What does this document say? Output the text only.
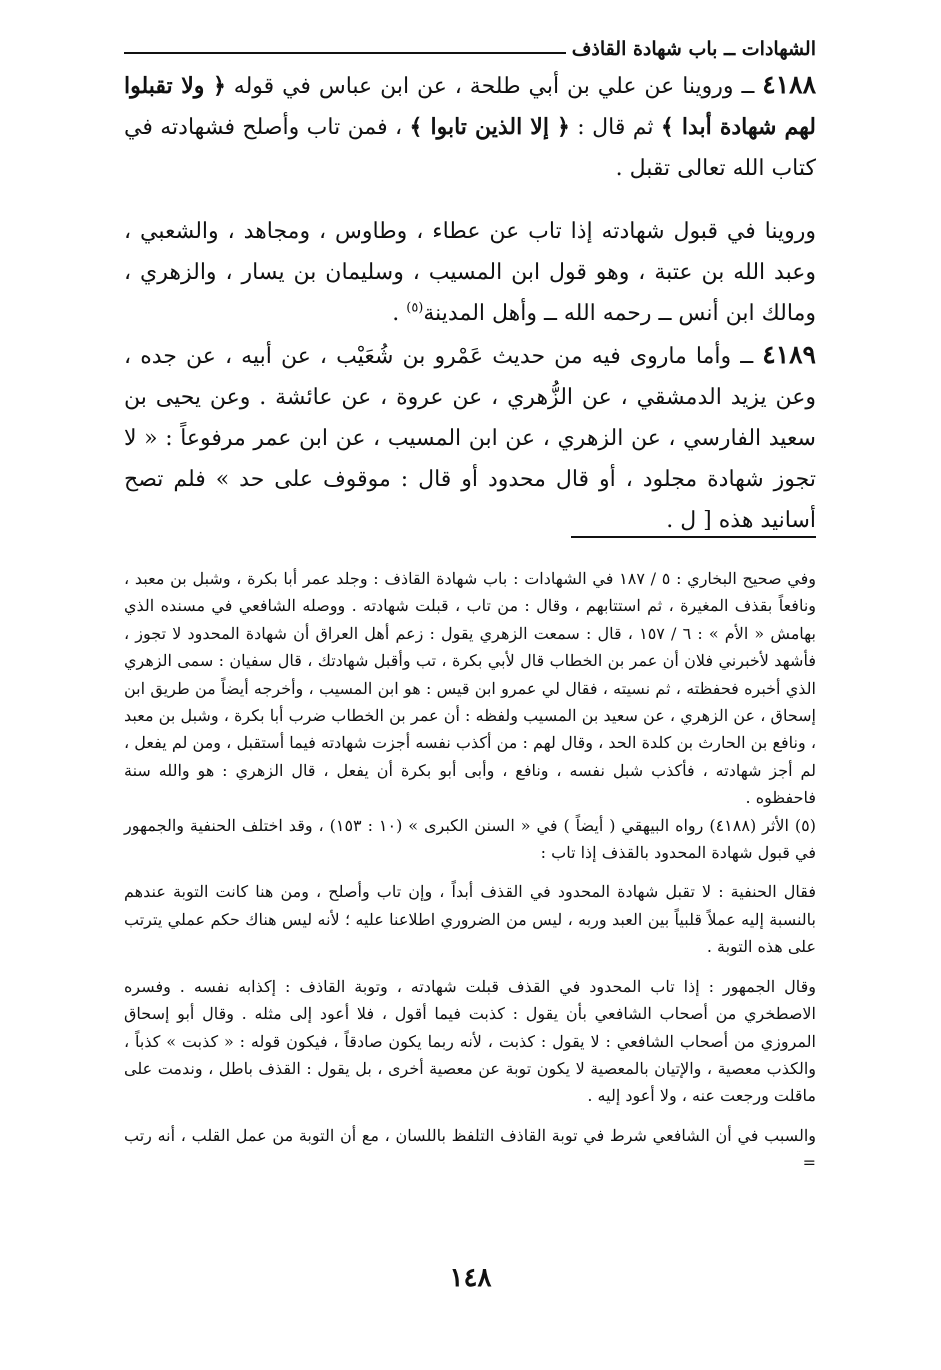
الشهادات ــ باب شهادة القاذف

٤١٨٨ ــ وروينا عن علي بن أبي طلحة ، عن ابن عباس في قوله ﴿ ولا تقبلوا لهم شهادة أبدا ﴾ ثم قال : ﴿ إلا الذين تابوا ﴾ ، فمن تاب وأصلح فشهادته في كتاب الله تعالى تقبل .

وروينا في قبول شهادته إذا تاب عن عطاء ، وطاوس ، ومجاهد ، والشعبي ، وعبد الله بن عتبة ، وهو قول ابن المسيب ، وسليمان بن يسار ، والزهري ، ومالك ابن أنس ــ رحمه الله ــ وأهل المدينة$^{(٥)}$ .

٤١٨٩ ــ وأما ماروى فيه من حديث عَمْرو بن شُعَيْب ، عن أبيه ، عن جده ، وعن يزيد الدمشقي ، عن الزُّهري ، عن عروة ، عن عائشة . وعن يحيى بن سعيد الفارسي ، عن الزهري ، عن ابن المسيب ، عن ابن عمر مرفوعاً : « لا تجوز شهادة مجلود ، أو قال محدود أو قال : موقوف على حد » فلم تصح أسانيد هذه [ ل .

وفي صحيح البخاري : ٥ / ١٨٧ في الشهادات : باب شهادة القاذف : وجلد عمر أبا بكرة ، وشبل بن معبد ، ونافعاً بقذف المغيرة ، ثم استتابهم ، وقال : من تاب ، قبلت شهادته . ووصله الشافعي في مسنده الذي بهامش « الأم » : ٦ / ١٥٧ ، قال : سمعت الزهري يقول : زعم أهل العراق أن شهادة المحدود لا تجوز ، فأشهد لأخبرني فلان أن عمر بن الخطاب قال لأبي بكرة ، تب وأقبل شهادتك ، قال سفيان : سمى الزهري الذي أخبره فحفظته ، ثم نسيته ، فقال لي عمرو ابن قيس : هو ابن المسيب ، وأخرجه أيضاً من طريق ابن إسحاق ، عن الزهري ، عن سعيد بن المسيب ولفظه : أن عمر بن الخطاب ضرب أبا بكرة ، وشبل بن معبد ، ونافع بن الحارث بن كلدة الحد ، وقال لهم : من أكذب نفسه أجزت شهادته فيما أستقبل ، ومن لم يفعل ، لم أجز شهادته ، فأكذب شبل نفسه ، ونافع ، وأبى أبو بكرة أن يفعل ، قال الزهري : هو والله سنة فاحفظوه .

(٥) الأثر (٤١٨٨) رواه البيهقي ( أيضاً ) في « السنن الكبرى » (١٠ : ١٥٣) ، وقد اختلف الحنفية والجمهور في قبول شهادة المحدود بالقذف إذا تاب :

فقال الحنفية : لا تقبل شهادة المحدود في القذف أبداً ، وإن تاب وأصلح ، ومن هنا كانت التوبة عندهم بالنسبة إليه عملاً قلبياً بين العبد وربه ، ليس من الضروري اطلاعنا عليه ؛ لأنه ليس هناك حكم عملي يترتب على هذه التوبة .

وقال الجمهور : إذا تاب المحدود في القذف قبلت شهادته ، وتوبة القاذف : إكذابه نفسه . وفسره الاصطخري من أصحاب الشافعي بأن يقول : كذبت فيما أقول ، فلا أعود إلى مثله . وقال أبو إسحاق المروزي من أصحاب الشافعي : لا يقول : كذبت ، لأنه ربما يكون صادقاً ، فيكون قوله : « كذبت » كذباً ، والكذب معصية ، والإتيان بالمعصية لا يكون توبة عن معصية أخرى ، بل يقول : القذف باطل ، وندمت على ماقلت ورجعت عنه ، ولا أعود إليه .

والسبب في أن الشافعي شرط في توبة القاذف التلفظ باللسان ، مع أن التوبة من عمل القلب ، أنه رتب =

١٤٨
